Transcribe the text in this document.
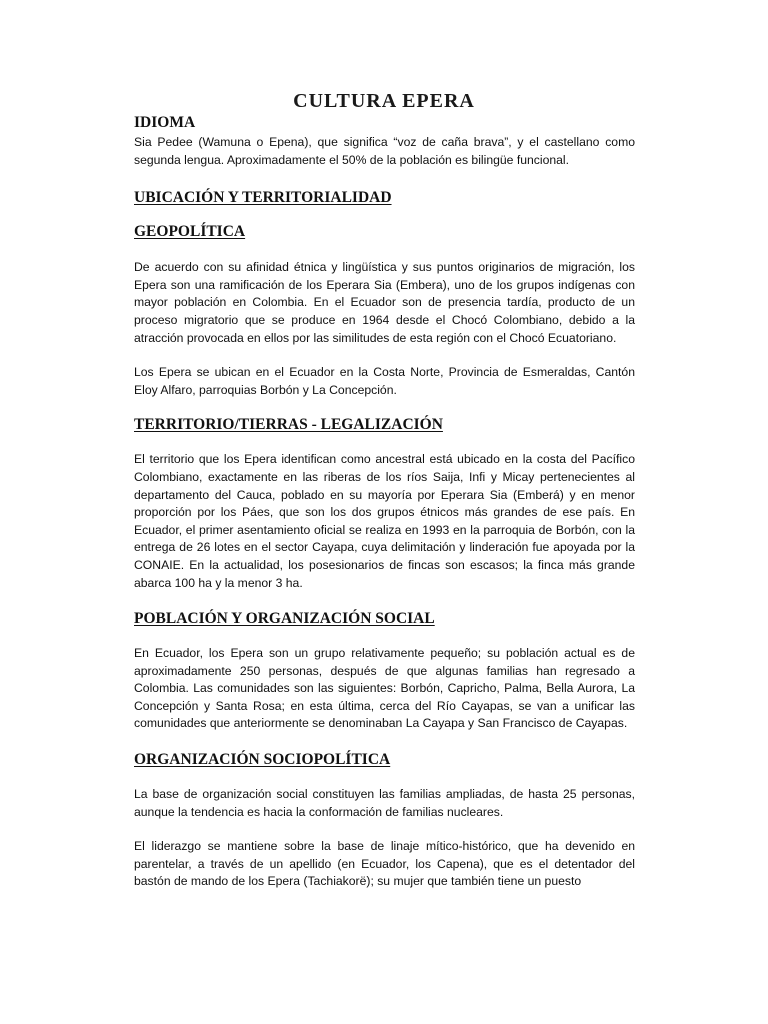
CULTURA EPERA
IDIOMA

Sia Pedee (Wamuna o Epena), que significa “voz de caña brava”, y el castellano como segunda lengua. Aproximadamente el 50% de la población es bilingüe funcional.

UBICACIÓN Y TERRITORIALIDAD
GEOPOLÍTICA

De acuerdo con su afinidad étnica y lingüística y sus puntos originarios de migración, los Epera son una ramificación de los Eperara Sia (Embera), uno de los grupos indígenas con mayor población en Colombia. En el Ecuador son de presencia tardía, producto de un proceso migratorio que se produce en 1964 desde el Chocó Colombiano, debido a la atracción provocada en ellos por las similitudes de esta región con el Chocó Ecuatoriano.

Los Epera se ubican en el Ecuador en la Costa Norte, Provincia de Esmeraldas, Cantón Eloy Alfaro, parroquias Borbón y La Concepción.

TERRITORIO/TIERRAS - LEGALIZACIÓN

El territorio que los Epera identifican como ancestral está ubicado en la costa del Pacífico Colombiano, exactamente en las riberas de los ríos Saija, Infi y Micay pertenecientes al departamento del Cauca, poblado en su mayoría por Eperara Sia (Emberá) y en menor proporción por los Páes, que son los dos grupos étnicos más grandes de ese país. En Ecuador, el primer asentamiento oficial se realiza en 1993 en la parroquia de Borbón, con la entrega de 26 lotes en el sector Cayapa, cuya delimitación y linderación fue apoyada por la CONAIE. En la actualidad, los posesionarios de fincas son escasos; la finca más grande abarca 100 ha y la menor 3 ha.

POBLACIÓN Y ORGANIZACIÓN SOCIAL

En Ecuador, los Epera son un grupo relativamente pequeño; su población actual es de aproximadamente 250 personas, después de que algunas familias han regresado a Colombia. Las comunidades son las siguientes: Borbón, Capricho, Palma, Bella Aurora, La Concepción y Santa Rosa; en esta última, cerca del Río Cayapas, se van a unificar las comunidades que anteriormente se denominaban La Cayapa y San Francisco de Cayapas.

ORGANIZACIÓN SOCIOPOLÍTICA

La base de organización social constituyen las familias ampliadas, de hasta 25 personas, aunque la tendencia es hacia la conformación de familias nucleares.

El liderazgo se mantiene sobre la base de linaje mítico-histórico, que ha devenido en parentelar, a través de un apellido (en Ecuador, los Capena), que es el detentador del bastón de mando de los Epera (Tachiakorë); su mujer que también tiene un puesto
